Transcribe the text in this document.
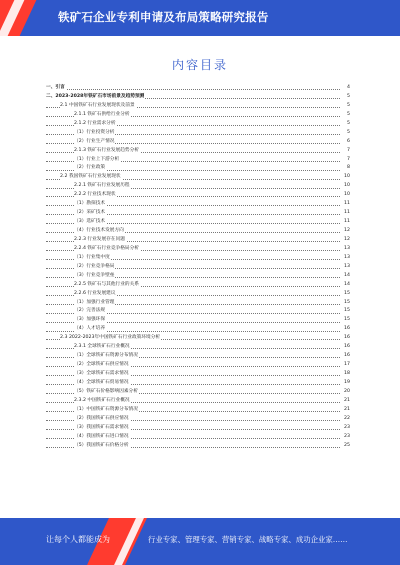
铁矿石企业专利申请及布局策略研究报告
内容目录
一、引言	4
二、2023-2028年铁矿石市场前景及趋势预测	5
2.1 中国铁矿石行业发展现状及前景	5
2.1.1 铁矿石供给行业分析	5
2.1.2 行业需求分析	5
（1）行业投资分析	5
（2）行业生产情况	6
2.1.3 铁矿石行业发展趋势分析	7
（1）行业上下游分析	7
（2）行业政策	8
2.2 我国铁矿石行业发展现状	10
2.2.1 铁矿石行业发展历程	10
2.2.2 行业技术现状	10
（1）勘探技术	11
（2）采矿技术	11
（3）选矿技术	11
（4）行业技术发展方向	12
2.2.3 行业发展存在问题	12
2.2.4 铁矿石行业竞争格局分析	13
（1）行业集中度	13
（2）行业竞争格局	13
（3）行业竞争壁垒	14
2.2.5 铁矿石与其他行业的关系	14
2.2.6 行业发展建议	15
（1）加强行业管理	15
（2）完善法规	15
（3）加强环保	15
（4）人才培养	16
2.3 2022-2023年中国铁矿石行业政策环境分析	16
2.3.1 全球铁矿石行业概况	16
（1）全球铁矿石资源分布情况	16
（2）全球铁矿石供应情况	17
（3）全球铁矿石需求情况	18
（4）全球铁矿石贸易情况	19
（5）铁矿石价格影响因素分析	20
2.3.2 中国铁矿石行业概况	21
（1）中国铁矿石资源分布情况	21
（2）我国铁矿石供应情况	22
（3）我国铁矿石需求情况	23
（4）我国铁矿石进口情况	23
（5）我国铁矿石价格分析	25
让每个人都能成为	行业专家、管理专家、营销专家、战略专家、成功企业家……
